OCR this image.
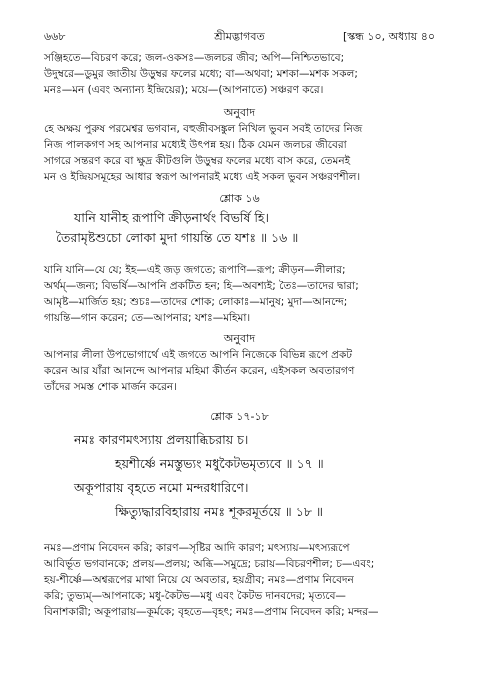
৬৬৮	শ্রীমদ্ভাগবত	[স্কন্ধ ১০, অধ্যায় ৪০

সঞ্জিহতে—বিচরণ করে; জল-ওকসঃ—জলচর জীব; অপি—নিশ্চিতভাবে;

উদুম্বরে—ডুমুর জাতীয় উড়ুম্বর ফলের মধ্যে; বা—অথবা; মশকা—মশক সকল;

মনঃ—মন (এবং অন্যান্য ইন্দ্রিয়ের); ময়ে—(আপনাতে) সঞ্চরণ করে।

অনুবাদ

হে অক্ষয় পুরুষ পরমেশ্বর ভগবান, বহুজীবসঙ্কুল নিখিল ভুবন সবই তাদের নিজ

নিজ পালকগণ সহ আপনার মধ্যেই উৎপন্ন হয়। ঠিক যেমন জলচর জীবেরা

সাগরে সন্তরণ করে বা ক্ষুদ্র কীটগুলি উড়ুম্বর ফলের মধ্যে বাস করে, তেমনই

মন ও ইন্দ্রিয়সমূহের আধার স্বরূপ আপনারই মধ্যে এই সকল ভুবন সঞ্চরণশীল।

শ্লোক ১৬
যানি যানীহ রূপাণি ক্রীড়নার্থং বিভর্ষি হি।
তৈরামৃষ্টশুচো লোকা মুদা গায়ন্তি তে যশঃ ॥ ১৬ ॥

যানি যানি—যে যে; ইহ—এই জড় জগতে; রূপাণি—রূপ; ক্রীড়ন—লীলার;

অর্থম্—জন্য; বিভর্ষি—আপনি প্রকটিত হন; হি—অবশ্যই; তৈঃ—তাদের দ্বারা;

আমৃষ্ট—মার্জিত হয়; শুচঃ—তাদের শোক; লোকাঃ—মানুষ; মুদা—আনন্দে;

গায়ন্তি—গান করেন; তে—আপনার; যশঃ—মহিমা।

অনুবাদ

আপনার লীলা উপভোগার্থে এই জগতে আপনি নিজেকে বিভিন্ন রূপে প্রকট

করেন আর যাঁরা আনন্দে আপনার মহিমা কীর্তন করেন, এইসকল অবতারগণ

তাঁদের সমস্ত শোক মার্জন করেন।

শ্লোক ১৭-১৮
নমঃ কারণমৎস্যায় প্রলয়াব্ধিচরায় চ।
হয়শীর্ষ্ণে নমস্তুভ্যং মধুকৈটভমৃত্যবে ॥ ১৭ ॥
অকূপারায় বৃহতে নমো মন্দরধারিণে।
ক্ষিত্যুদ্ধারবিহারায় নমঃ শূকরমূর্তয়ে ॥ ১৮ ॥

নমঃ—প্রণাম নিবেদন করি; কারণ—সৃষ্টির আদি কারণ; মৎস্যায়—মৎস্যরূপে

আবির্ভূত ভগবানকে; প্রলয়—প্রলয়; অব্ধি—সমুদ্রে; চরায়—বিচরণশীল; চ—এবং;

হয়-শীর্ষ্ণে—অশ্বরূপের মাথা নিয়ে যে অবতার, হয়গ্রীব; নমঃ—প্রণাম নিবেদন

করি; তুভ্যম্—আপনাকে; মধু-কৈটভ—মধু এবং কৈটভ দানবদের; মৃত্যবে—

বিনাশকারী; অকূপারায়—কূর্মকে; বৃহতে—বৃহৎ; নমঃ—প্রণাম নিবেদন করি; মন্দর—
